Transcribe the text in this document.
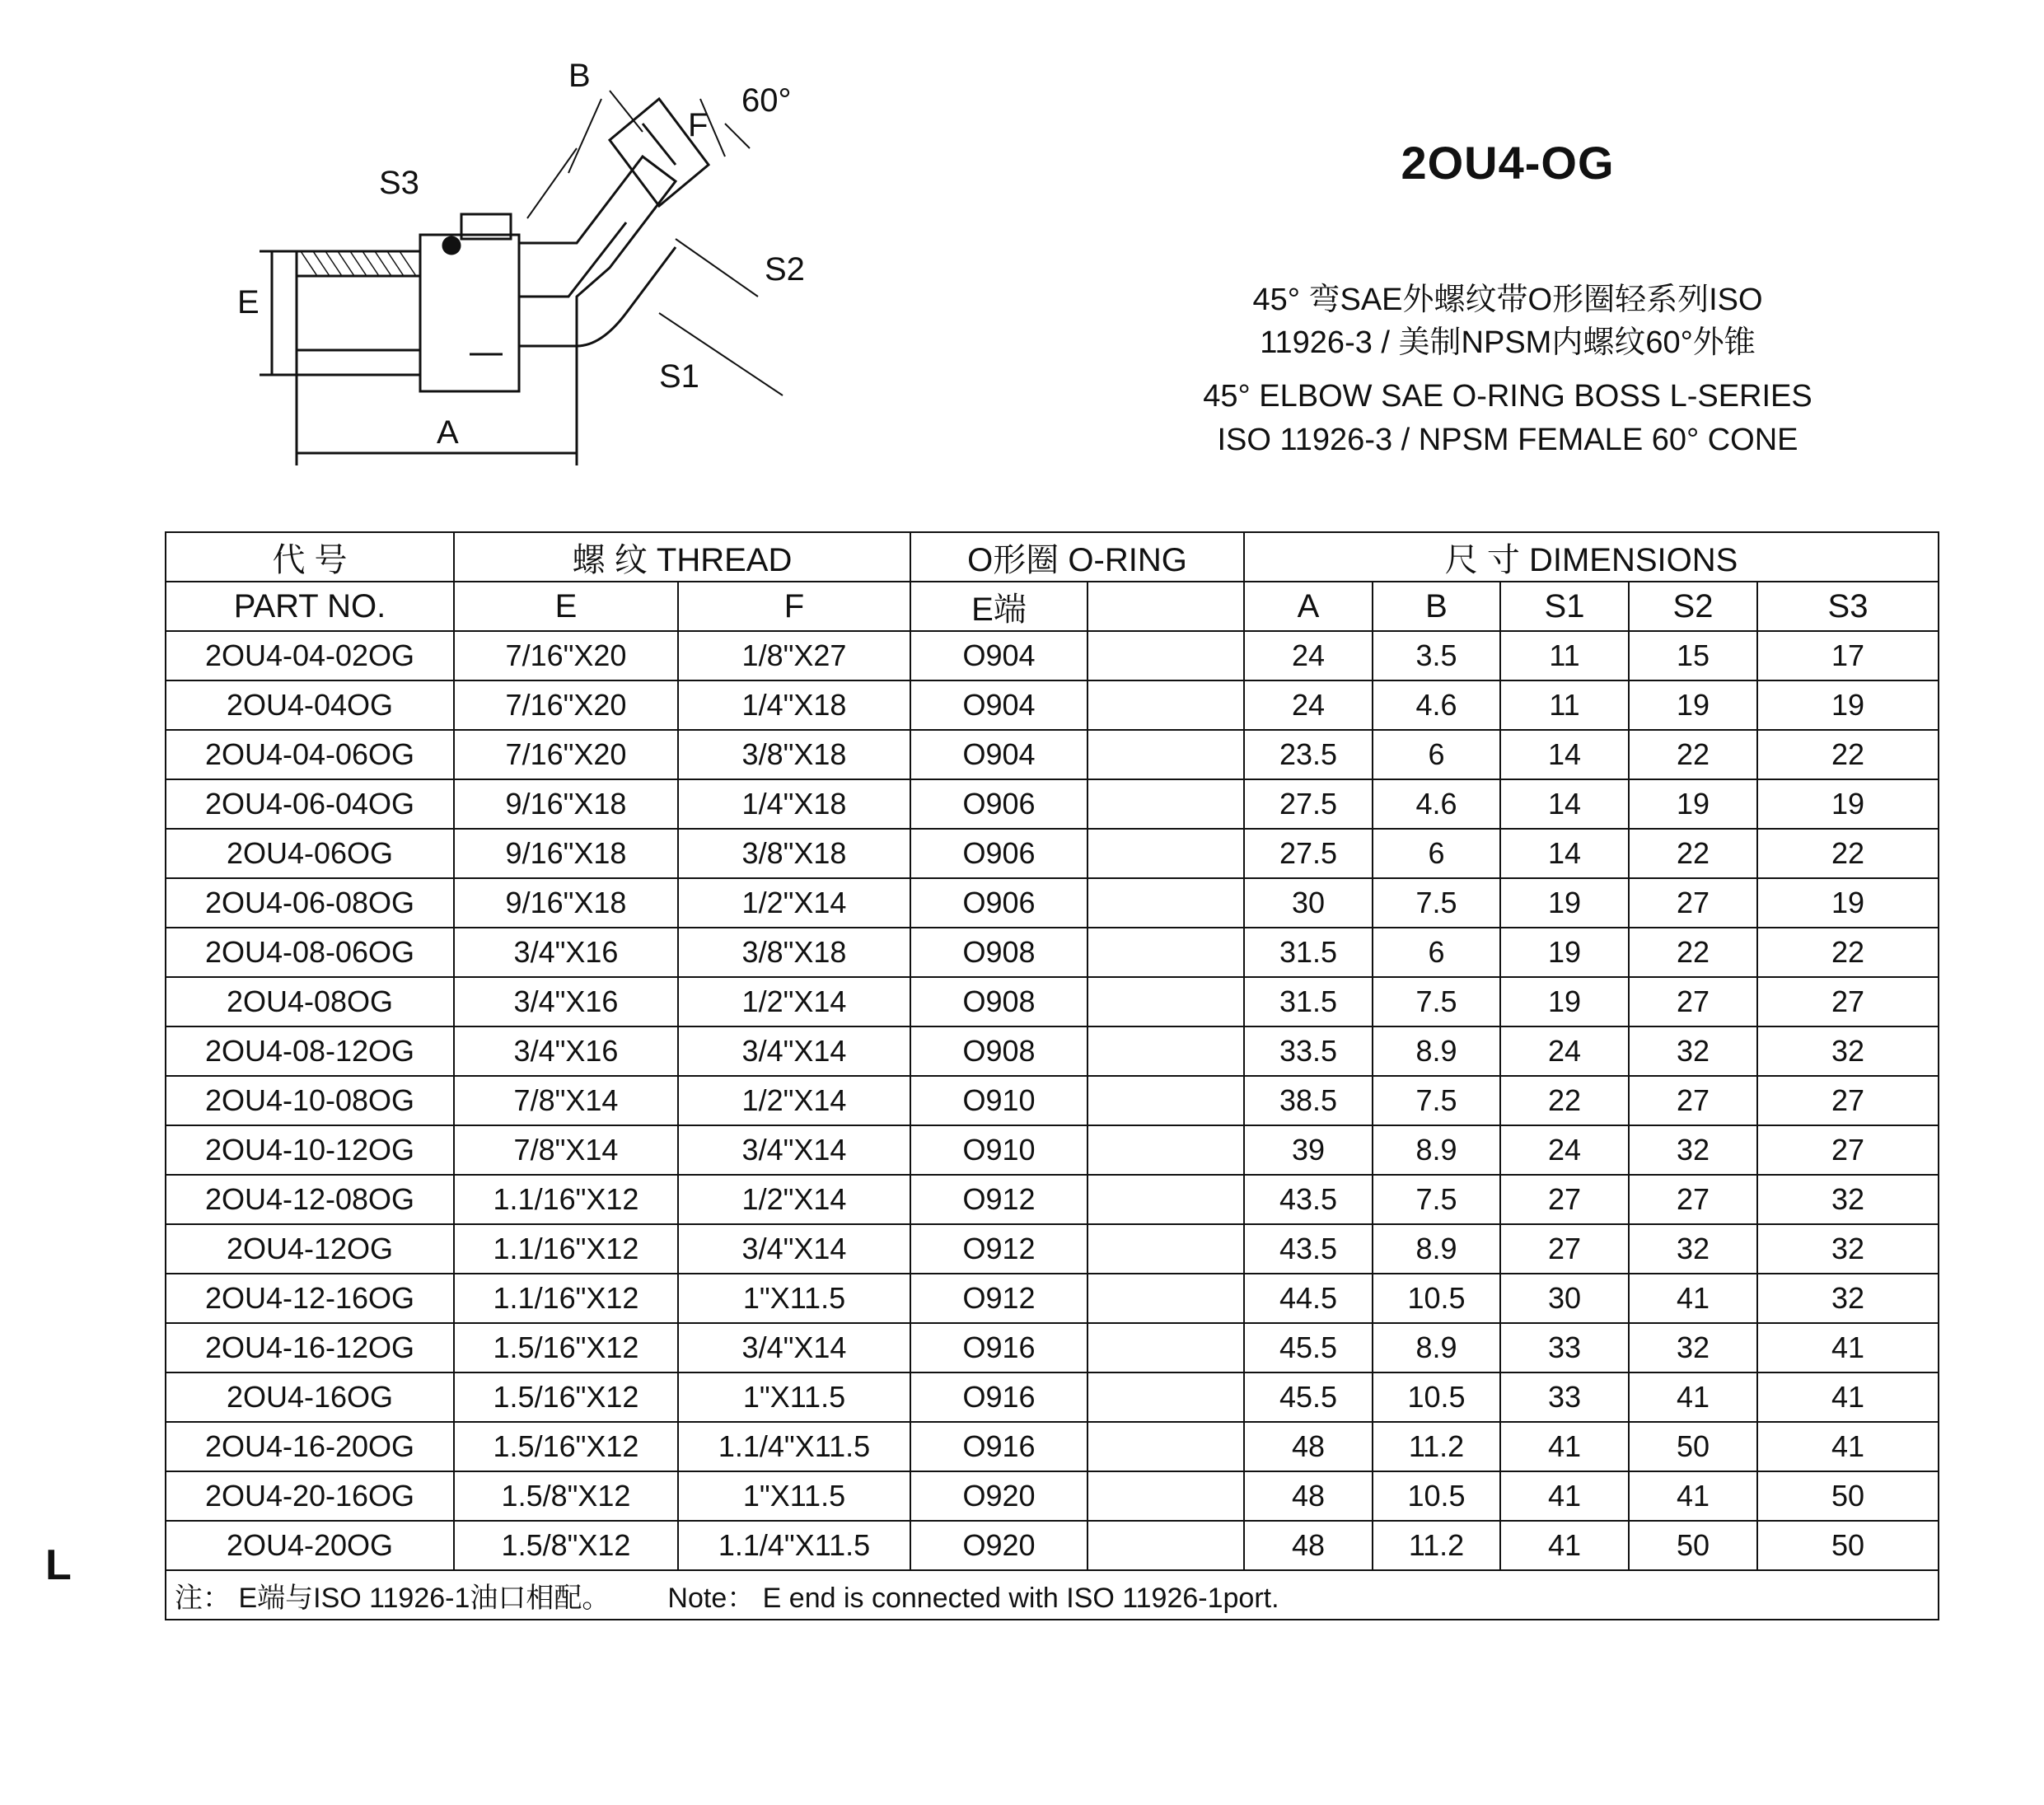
B
F
60°
S3
S2
S1
E
A
2OU4-OG
45° 弯SAE外螺纹带O形圈轻系列ISO
11926-3 / 美制NPSM内螺纹60°外锥
45° ELBOW SAE O-RING BOSS L-SERIES
ISO 11926-3 / NPSM FEMALE 60° CONE
代 号	螺 纹 THREAD		O形圈 O-RING		尺 寸 DIMENSIONS				
PART NO.	E	F	E端		A	B	S1	S2	S3
2OU4-04-02OG	7/16"X20	1/8"X27	O904		24	3.5	11	15	17
2OU4-04OG	7/16"X20	1/4"X18	O904		24	4.6	11	19	19
2OU4-04-06OG	7/16"X20	3/8"X18	O904		23.5	6	14	22	22
2OU4-06-04OG	9/16"X18	1/4"X18	O906		27.5	4.6	14	19	19
2OU4-06OG	9/16"X18	3/8"X18	O906		27.5	6	14	22	22
2OU4-06-08OG	9/16"X18	1/2"X14	O906		30	7.5	19	27	19
2OU4-08-06OG	3/4"X16	3/8"X18	O908		31.5	6	19	22	22
2OU4-08OG	3/4"X16	1/2"X14	O908		31.5	7.5	19	27	27
2OU4-08-12OG	3/4"X16	3/4"X14	O908		33.5	8.9	24	32	32
2OU4-10-08OG	7/8"X14	1/2"X14	O910		38.5	7.5	22	27	27
2OU4-10-12OG	7/8"X14	3/4"X14	O910		39	8.9	24	32	27
2OU4-12-08OG	1.1/16"X12	1/2"X14	O912		43.5	7.5	27	27	32
2OU4-12OG	1.1/16"X12	3/4"X14	O912		43.5	8.9	27	32	32
2OU4-12-16OG	1.1/16"X12	1"X11.5	O912		44.5	10.5	30	41	32
2OU4-16-12OG	1.5/16"X12	3/4"X14	O916		45.5	8.9	33	32	41
2OU4-16OG	1.5/16"X12	1"X11.5	O916		45.5	10.5	33	41	41
2OU4-16-20OG	1.5/16"X12	1.1/4"X11.5	O916		48	11.2	41	50	41
2OU4-20-16OG	1.5/8"X12	1"X11.5	O920		48	10.5	41	41	50
2OU4-20OG	1.5/8"X12	1.1/4"X11.5	O920		48	11.2	41	50	50
注： E端与ISO 11926-1油口相配。 Note： E end is connected with ISO 11926-1port.									
L
